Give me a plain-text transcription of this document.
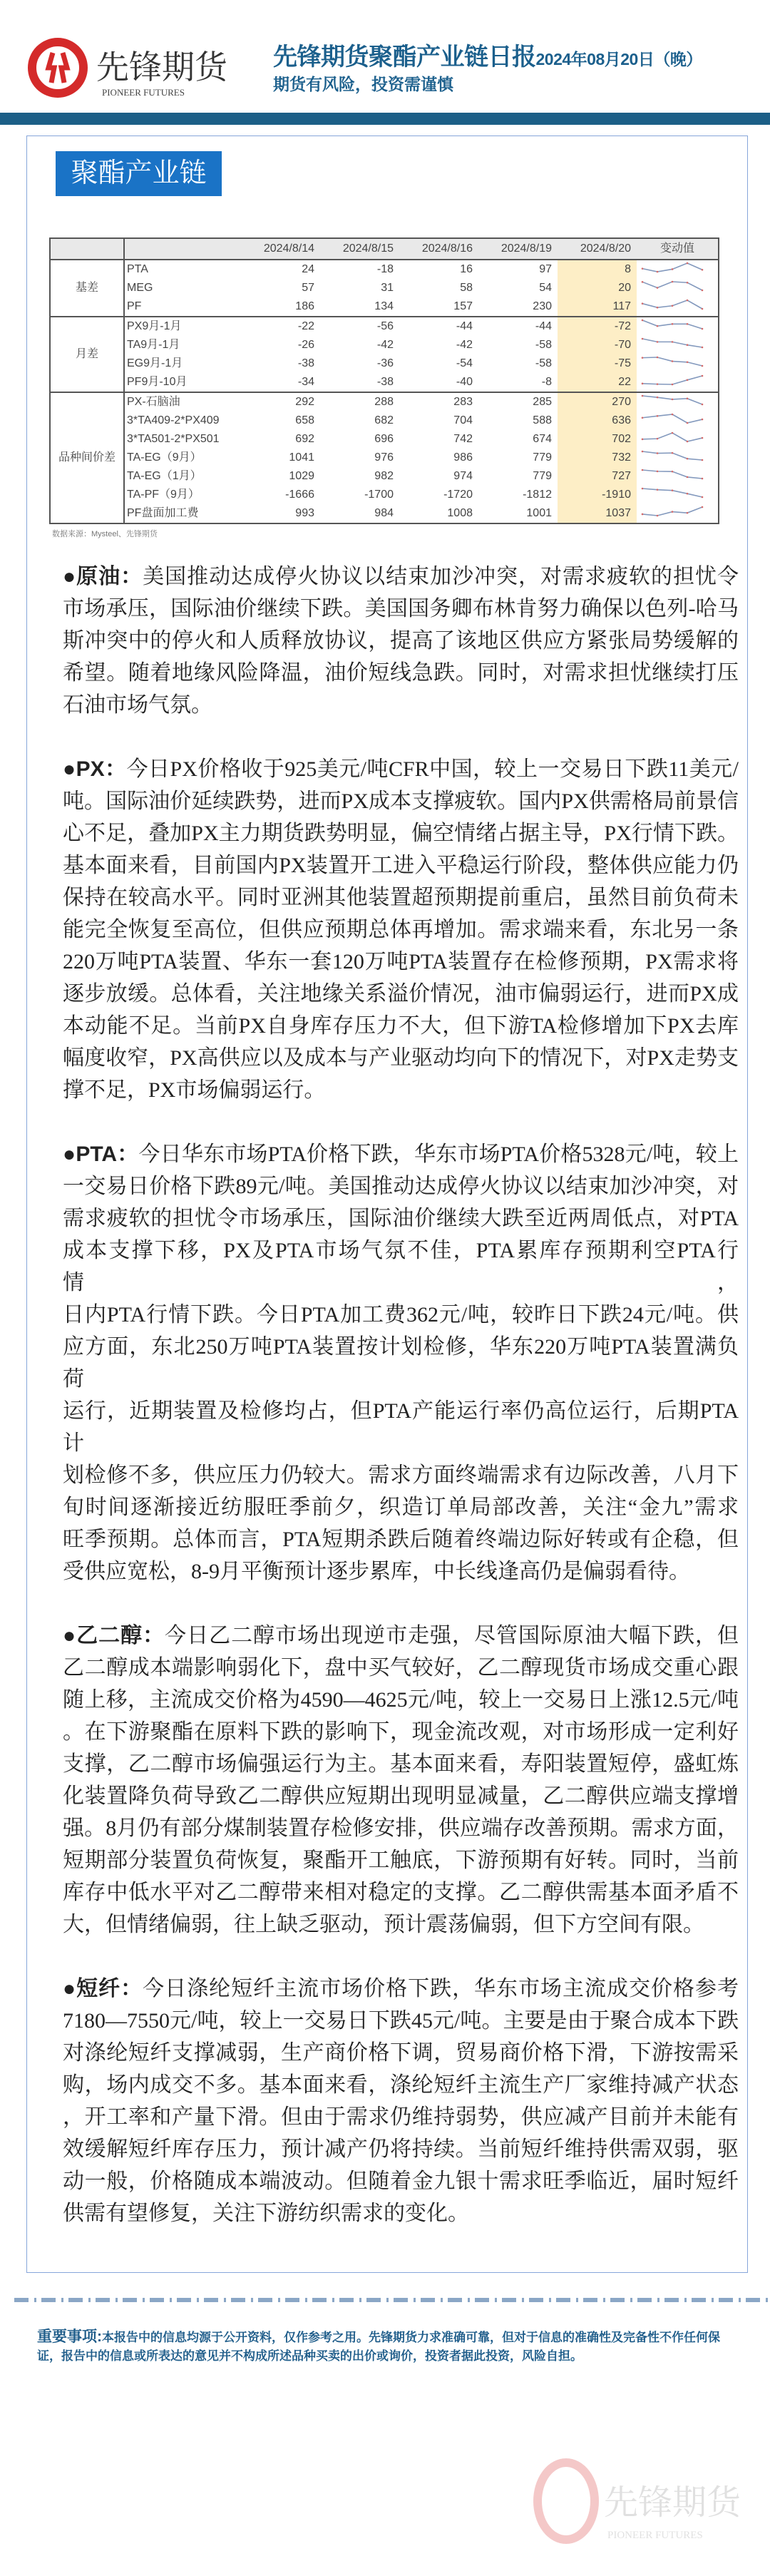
先锋期货
PIONEER FUTURES
先锋期货聚酯产业链日报2024年08月20日（晚）
期货有风险，投资需谨慎
聚酯产业链
		2024/8/14	2024/8/15	2024/8/16	2024/8/19	2024/8/20	变动值
基差	PTA	24	-18	16	97	8	
	MEG	57	31	58	54	20	
	PF	186	134	157	230	117	
月差	PX9月-1月	-22	-56	-44	-44	-72	
	TA9月-1月	-26	-42	-42	-58	-70	
	EG9月-1月	-38	-36	-54	-58	-75	
	PF9月-10月	-34	-38	-40	-8	22	
品种间价差	PX-石脑油	292	288	283	285	270	
	3*TA409-2*PX409	658	682	704	588	636	
	3*TA501-2*PX501	692	696	742	674	702	
	TA-EG（9月）	1041	976	986	779	732	
	TA-EG（1月）	1029	982	974	779	727	
	TA-PF（9月）	-1666	-1700	-1720	-1812	-1910	
	PF盘面加工费	993	984	1008	1001	1037	
数据来源：Mysteel、先锋期货
●原油：美国推动达成停火协议以结束加沙冲突，对需求疲软的担忧令
市场承压，国际油价继续下跌。美国国务卿布林肯努力确保以色列-哈马
斯冲突中的停火和人质释放协议，提高了该地区供应方紧张局势缓解的
希望。随着地缘风险降温，油价短线急跌。同时，对需求担忧继续打压
石油市场气氛。
●PX：今日PX价格收于925美元/吨CFR中国，较上一交易日下跌11美元/
吨。国际油价延续跌势，进而PX成本支撑疲软。国内PX供需格局前景信
心不足，叠加PX主力期货跌势明显，偏空情绪占据主导，PX行情下跌。
基本面来看，目前国内PX装置开工进入平稳运行阶段，整体供应能力仍
保持在较高水平。同时亚洲其他装置超预期提前重启，虽然目前负荷未
能完全恢复至高位，但供应预期总体再增加。需求端来看，东北另一条
220万吨PTA装置、华东一套120万吨PTA装置存在检修预期，PX需求将
逐步放缓。总体看，关注地缘关系溢价情况，油市偏弱运行，进而PX成
本动能不足。当前PX自身库存压力不大，但下游TA检修增加下PX去库
幅度收窄，PX高供应以及成本与产业驱动均向下的情况下，对PX走势支
撑不足，PX市场偏弱运行。
●PTA：今日华东市场PTA价格下跌，华东市场PTA价格5328元/吨，较上
一交易日价格下跌89元/吨。美国推动达成停火协议以结束加沙冲突，对
需求疲软的担忧令市场承压，国际油价继续大跌至近两周低点，对PTA
成本支撑下移，PX及PTA市场气氛不佳，PTA累库存预期利空PTA行情，
日内PTA行情下跌。今日PTA加工费362元/吨，较昨日下跌24元/吨。供
应方面，东北250万吨PTA装置按计划检修，华东220万吨PTA装置满负荷
运行，近期装置及检修均占，但PTA产能运行率仍高位运行，后期PTA计
划检修不多，供应压力仍较大。需求方面终端需求有边际改善，八月下
旬时间逐渐接近纺服旺季前夕，织造订单局部改善，关注“金九”需求
旺季预期。总体而言，PTA短期杀跌后随着终端边际好转或有企稳，但
受供应宽松，8-9月平衡预计逐步累库，中长线逢高仍是偏弱看待。
●乙二醇：今日乙二醇市场出现逆市走强，尽管国际原油大幅下跌，但
乙二醇成本端影响弱化下，盘中买气较好，乙二醇现货市场成交重心跟
随上移，主流成交价格为4590—4625元/吨，较上一交易日上涨12.5元/吨
。在下游聚酯在原料下跌的影响下，现金流改观，对市场形成一定利好
支撑，乙二醇市场偏强运行为主。基本面来看，寿阳装置短停，盛虹炼
化装置降负荷导致乙二醇供应短期出现明显减量，乙二醇供应端支撑增
强。8月仍有部分煤制装置存检修安排，供应端存改善预期。需求方面，
短期部分装置负荷恢复，聚酯开工触底，下游预期有好转。同时，当前
库存中低水平对乙二醇带来相对稳定的支撑。乙二醇供需基本面矛盾不
大，但情绪偏弱，往上缺乏驱动，预计震荡偏弱，但下方空间有限。
●短纤：今日涤纶短纤主流市场价格下跌，华东市场主流成交价格参考
7180—7550元/吨，较上一交易日下跌45元/吨。主要是由于聚合成本下跌
对涤纶短纤支撑减弱，生产商价格下调，贸易商价格下滑，下游按需采
购，场内成交不多。基本面来看，涤纶短纤主流生产厂家维持减产状态
，开工率和产量下滑。但由于需求仍维持弱势，供应减产目前并未能有
效缓解短纤库存压力，预计减产仍将持续。当前短纤维持供需双弱，驱
动一般，价格随成本端波动。但随着金九银十需求旺季临近，届时短纤
供需有望修复，关注下游纺织需求的变化。
重要事项:本报告中的信息均源于公开资料，仅作参考之用。先锋期货力求准确可靠，但对于信息的准确性及完备性不作任何保证，报告中的信息或所表达的意见并不构成所述品种买卖的出价或询价，投资者据此投资，风险自担。
先锋期货
PIONEER FUTURES
